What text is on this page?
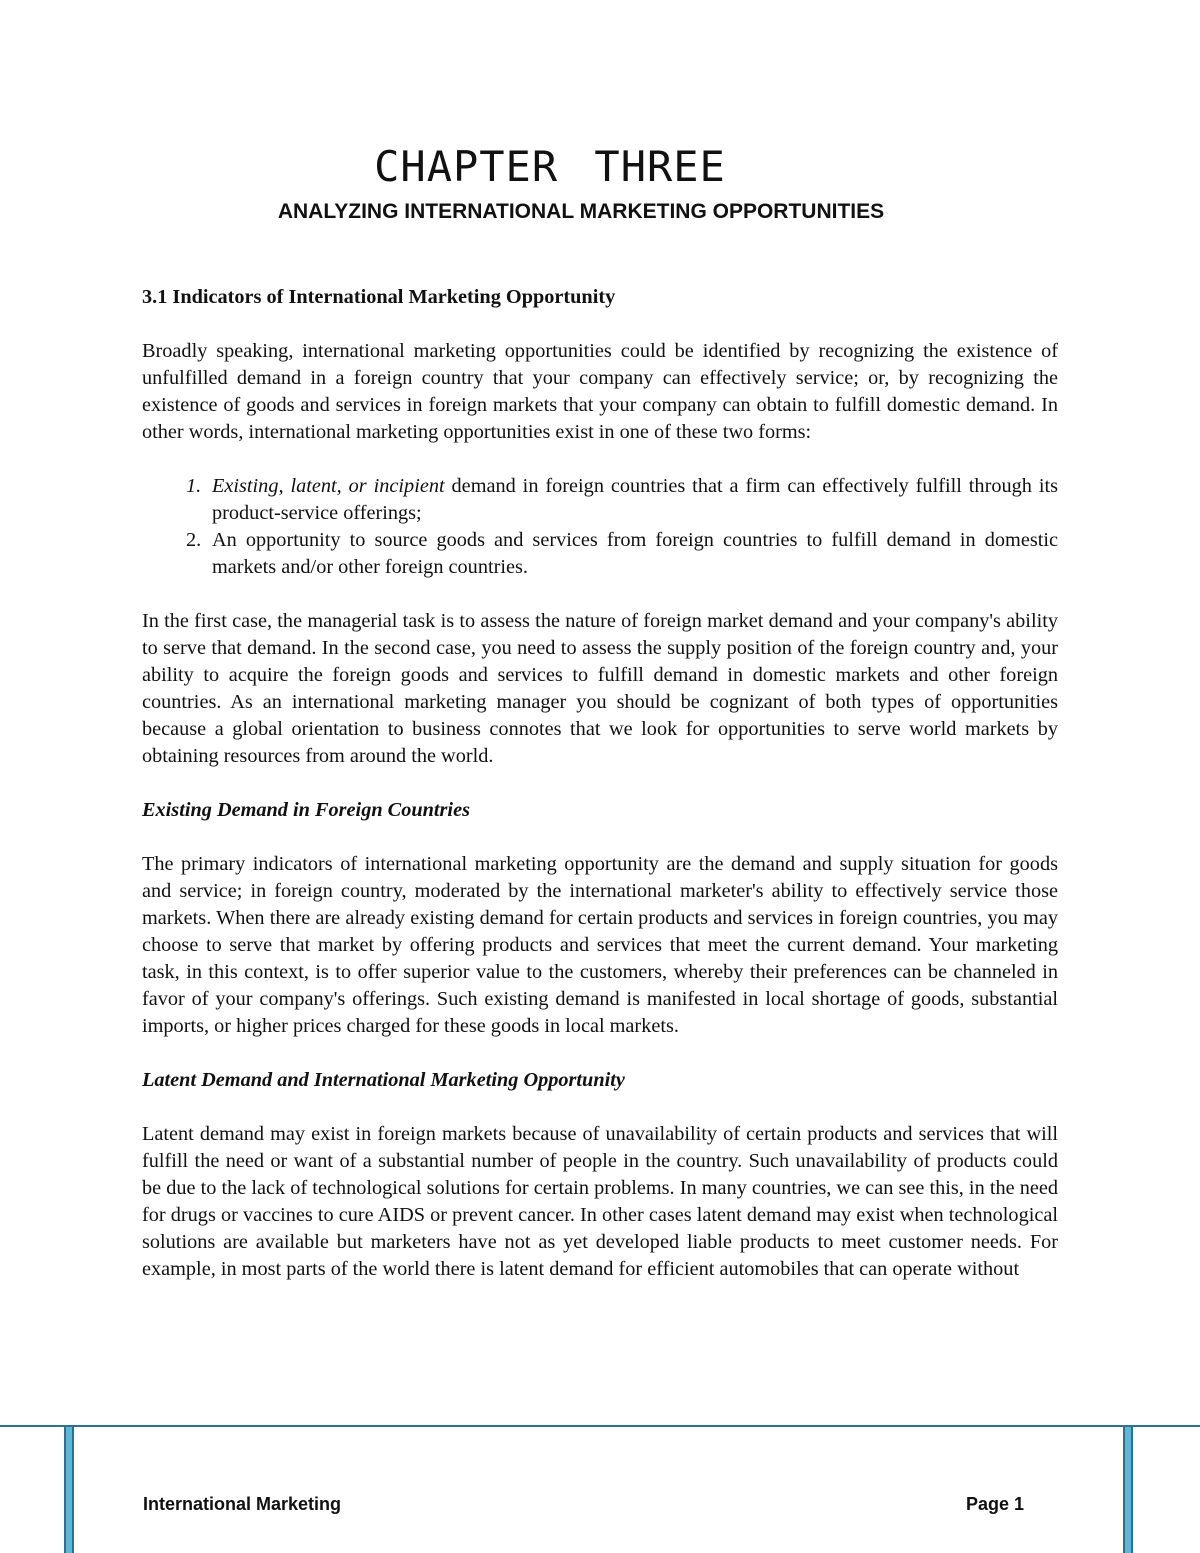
CHAPTER THREE
ANALYZING INTERNATIONAL MARKETING OPPORTUNITIES
3.1 Indicators of International Marketing Opportunity

Broadly speaking, international marketing opportunities could be identified by recognizing the existence of unfulfilled demand in a foreign country that your company can effectively service; or, by recognizing the existence of goods and services in foreign markets that your company can obtain to fulfill domestic demand. In other words, international marketing opportunities exist in one of these two forms:

1. Existing, latent, or incipient demand in foreign countries that a firm can effectively fulfill through its product-service offerings;
2. An opportunity to source goods and services from foreign countries to fulfill demand in domestic markets and/or other foreign countries.

In the first case, the managerial task is to assess the nature of foreign market demand and your company's ability to serve that demand. In the second case, you need to assess the supply position of the foreign country and, your ability to acquire the foreign goods and services to fulfill demand in domestic markets and other foreign countries. As an international marketing manager you should be cognizant of both types of opportunities because a global orientation to business connotes that we look for opportunities to serve world markets by obtaining resources from around the world.

Existing Demand in Foreign Countries

The primary indicators of international marketing opportunity are the demand and supply situation for goods and service; in foreign country, moderated by the international marketer's ability to effectively service those markets. When there are already existing demand for certain products and services in foreign countries, you may choose to serve that market by offering products and services that meet the current demand. Your marketing task, in this context, is to offer superior value to the customers, whereby their preferences can be channeled in favor of your company's offerings. Such existing demand is manifested in local shortage of goods, substantial imports, or higher prices charged for these goods in local markets.

Latent Demand and International Marketing Opportunity

Latent demand may exist in foreign markets because of unavailability of certain products and services that will fulfill the need or want of a substantial number of people in the country. Such unavailability of products could be due to the lack of technological solutions for certain problems. In many countries, we can see this, in the need for drugs or vaccines to cure AIDS or prevent cancer. In other cases latent demand may exist when technological solutions are available but marketers have not as yet developed liable products to meet customer needs. For example, in most parts of the world there is latent demand for efficient automobiles that can operate without

International Marketing	Page 1
